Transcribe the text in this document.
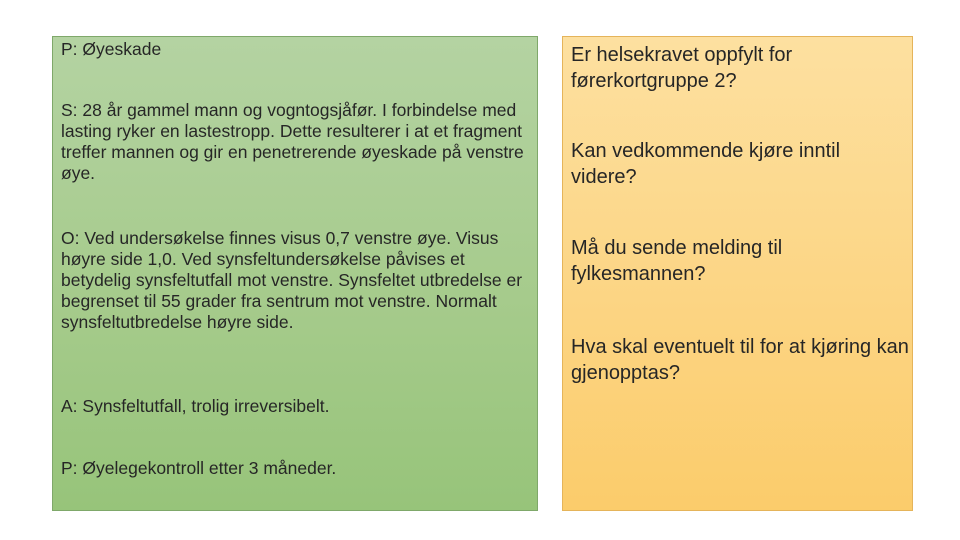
P: Øyeskade

S: 28 år gammel mann og vogntogsjåfør. I forbindelse med lasting ryker en lastestropp. Dette resulterer i at et fragment treffer mannen og gir en penetrerende øyeskade på venstre øye.

O: Ved undersøkelse finnes visus 0,7 venstre øye. Visus høyre side 1,0. Ved synsfeltundersøkelse påvises et betydelig synsfeltutfall mot venstre. Synsfeltet utbredelse er begrenset til 55 grader fra sentrum mot venstre. Normalt synsfeltutbredelse høyre side.

A: Synsfeltutfall, trolig irreversibelt.

P: Øyelegekontroll etter 3 måneder.

Er helsekravet oppfylt for førerkortgruppe 2?

Kan vedkommende kjøre inntil videre?

Må du sende melding til fylkesmannen?

Hva skal eventuelt til for at kjøring kan gjenopptas?
